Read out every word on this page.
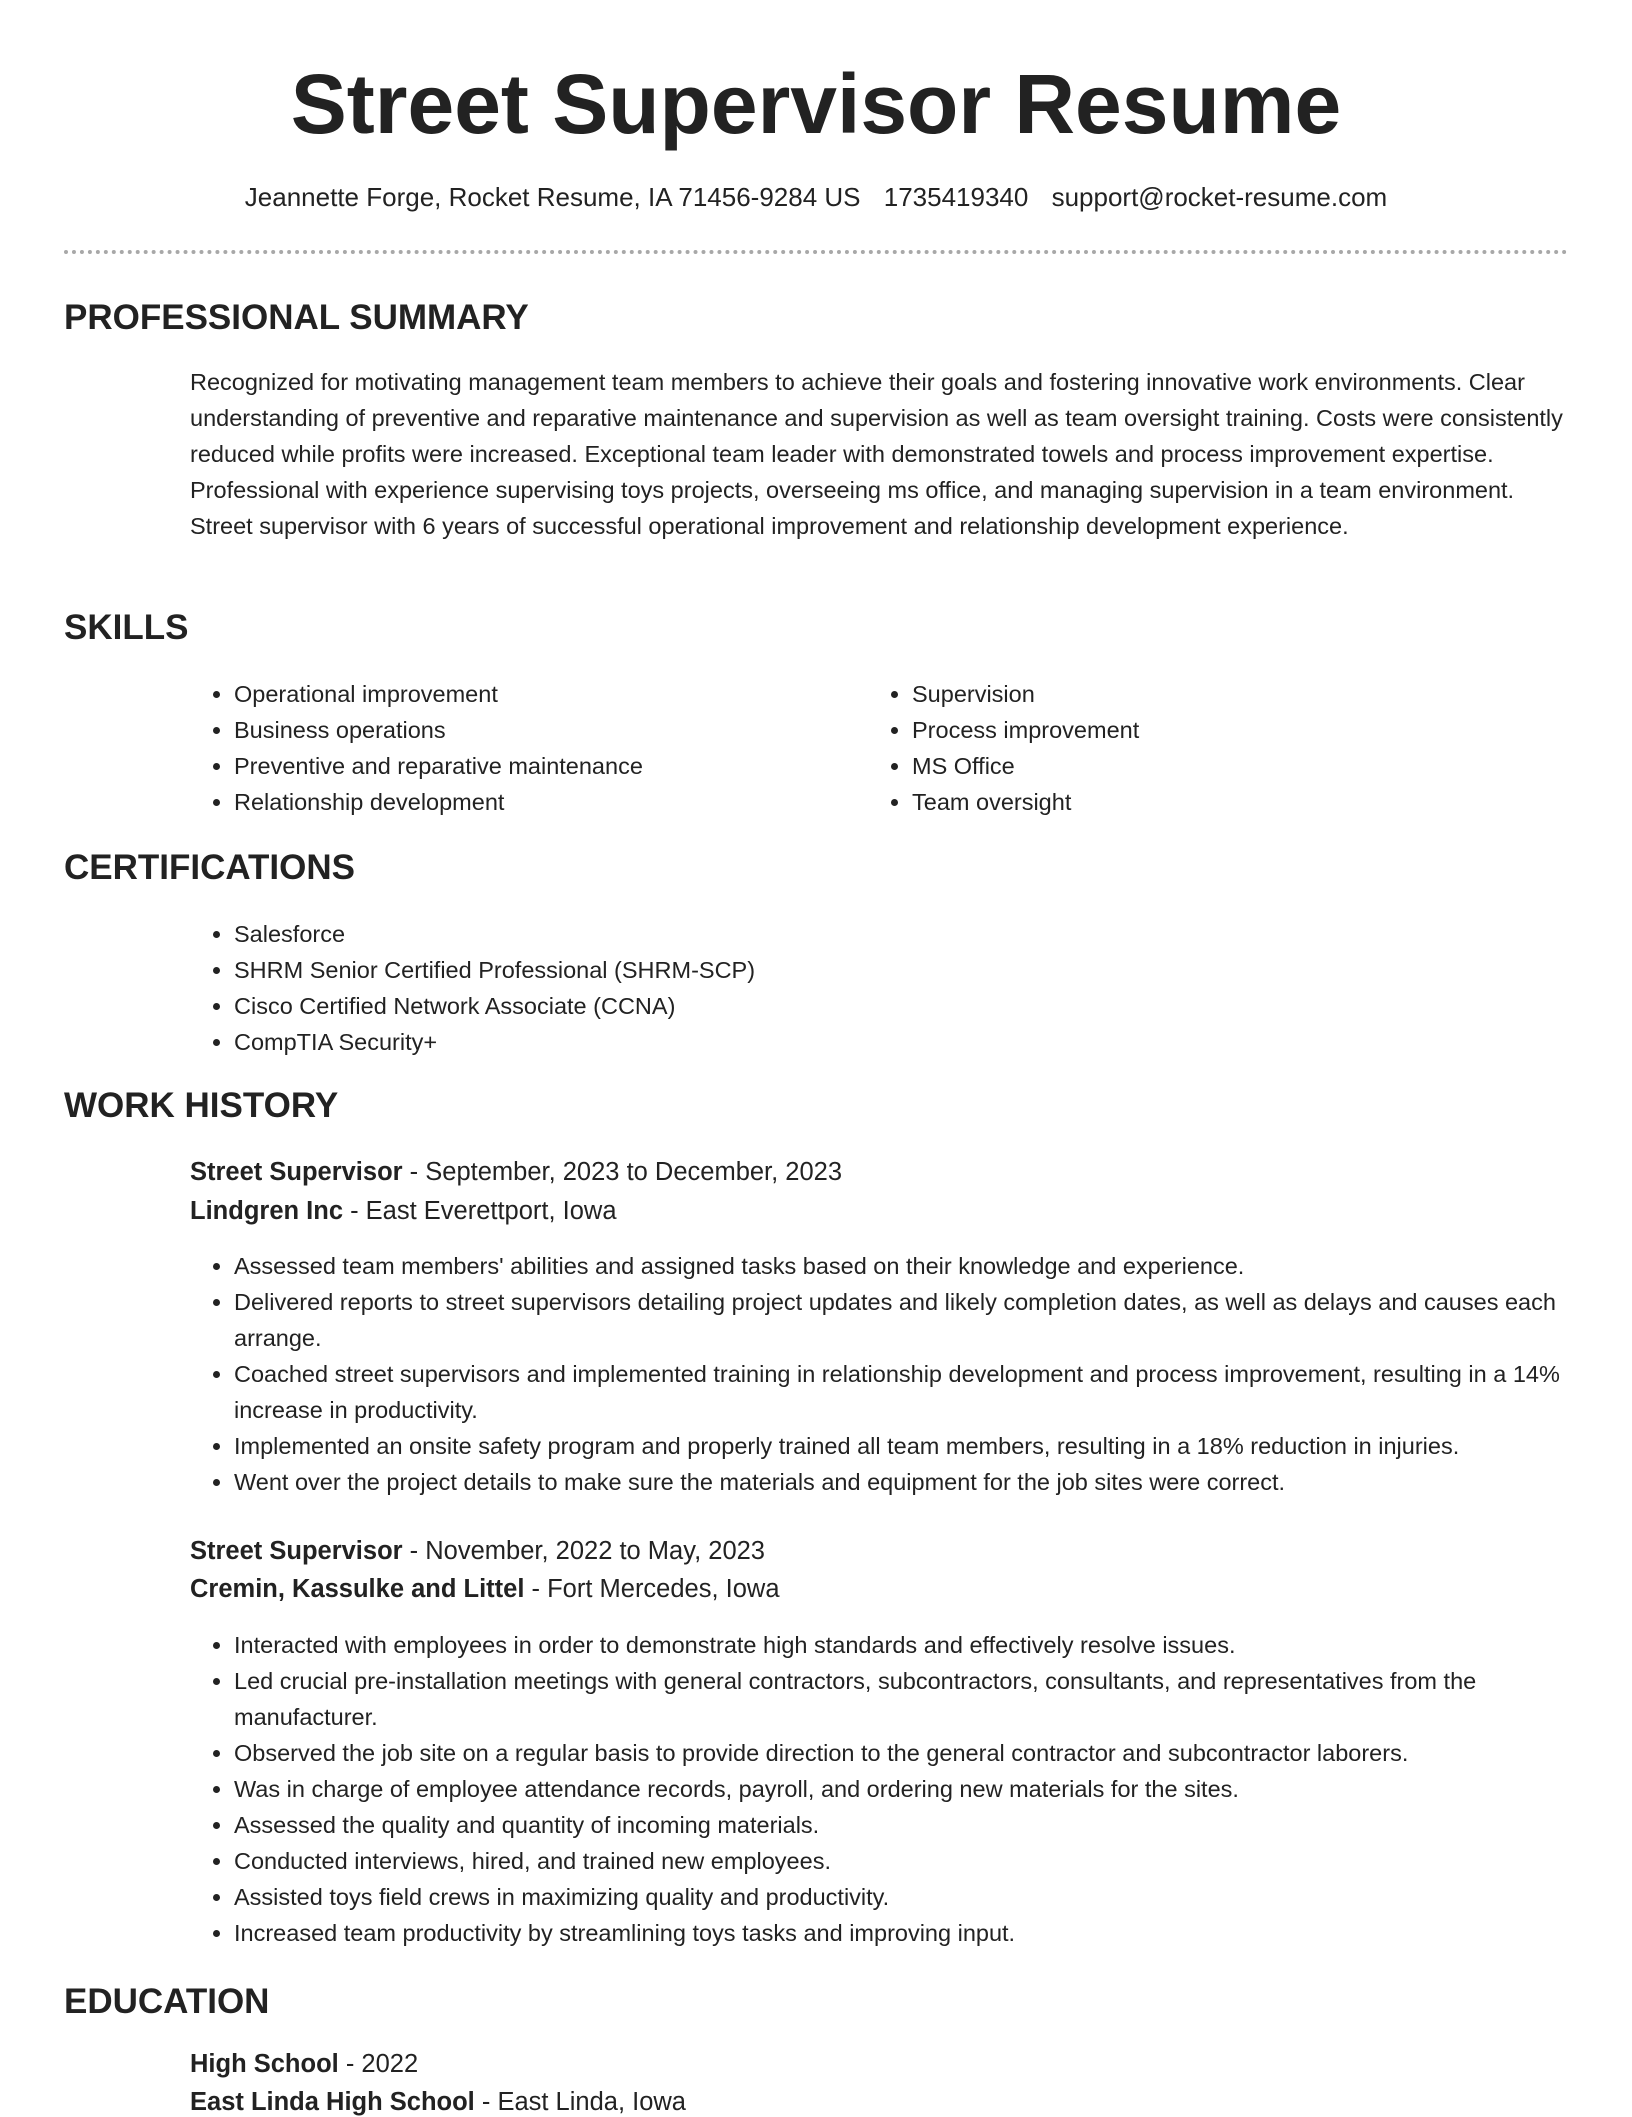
Street Supervisor Resume
Jeannette Forge, Rocket Resume, IA 71456-9284 US 1735419340 support@rocket-resume.com
PROFESSIONAL SUMMARY

Recognized for motivating management team members to achieve their goals and fostering innovative work environments. Clear understanding of preventive and reparative maintenance and supervision as well as team oversight training. Costs were consistently reduced while profits were increased. Exceptional team leader with demonstrated towels and process improvement expertise. Professional with experience supervising toys projects, overseeing ms office, and managing supervision in a team environment. Street supervisor with 6 years of successful operational improvement and relationship development experience.

SKILLS
• Operational improvement
• Business operations
• Preventive and reparative maintenance
• Relationship development
• Supervision
• Process improvement
• MS Office
• Team oversight
CERTIFICATIONS
• Salesforce
• SHRM Senior Certified Professional (SHRM-SCP)
• Cisco Certified Network Associate (CCNA)
• CompTIA Security+
WORK HISTORY
Street Supervisor - September, 2023 to December, 2023
Lindgren Inc - East Everettport, Iowa
• Assessed team members' abilities and assigned tasks based on their knowledge and experience.
• Delivered reports to street supervisors detailing project updates and likely completion dates, as well as delays and causes each arrange.
• Coached street supervisors and implemented training in relationship development and process improvement, resulting in a 14% increase in productivity.
• Implemented an onsite safety program and properly trained all team members, resulting in a 18% reduction in injuries.
• Went over the project details to make sure the materials and equipment for the job sites were correct.
Street Supervisor - November, 2022 to May, 2023
Cremin, Kassulke and Littel - Fort Mercedes, Iowa
• Interacted with employees in order to demonstrate high standards and effectively resolve issues.
• Led crucial pre-installation meetings with general contractors, subcontractors, consultants, and representatives from the manufacturer.
• Observed the job site on a regular basis to provide direction to the general contractor and subcontractor laborers.
• Was in charge of employee attendance records, payroll, and ordering new materials for the sites.
• Assessed the quality and quantity of incoming materials.
• Conducted interviews, hired, and trained new employees.
• Assisted toys field crews in maximizing quality and productivity.
• Increased team productivity by streamlining toys tasks and improving input.
EDUCATION
High School - 2022
East Linda High School - East Linda, Iowa
